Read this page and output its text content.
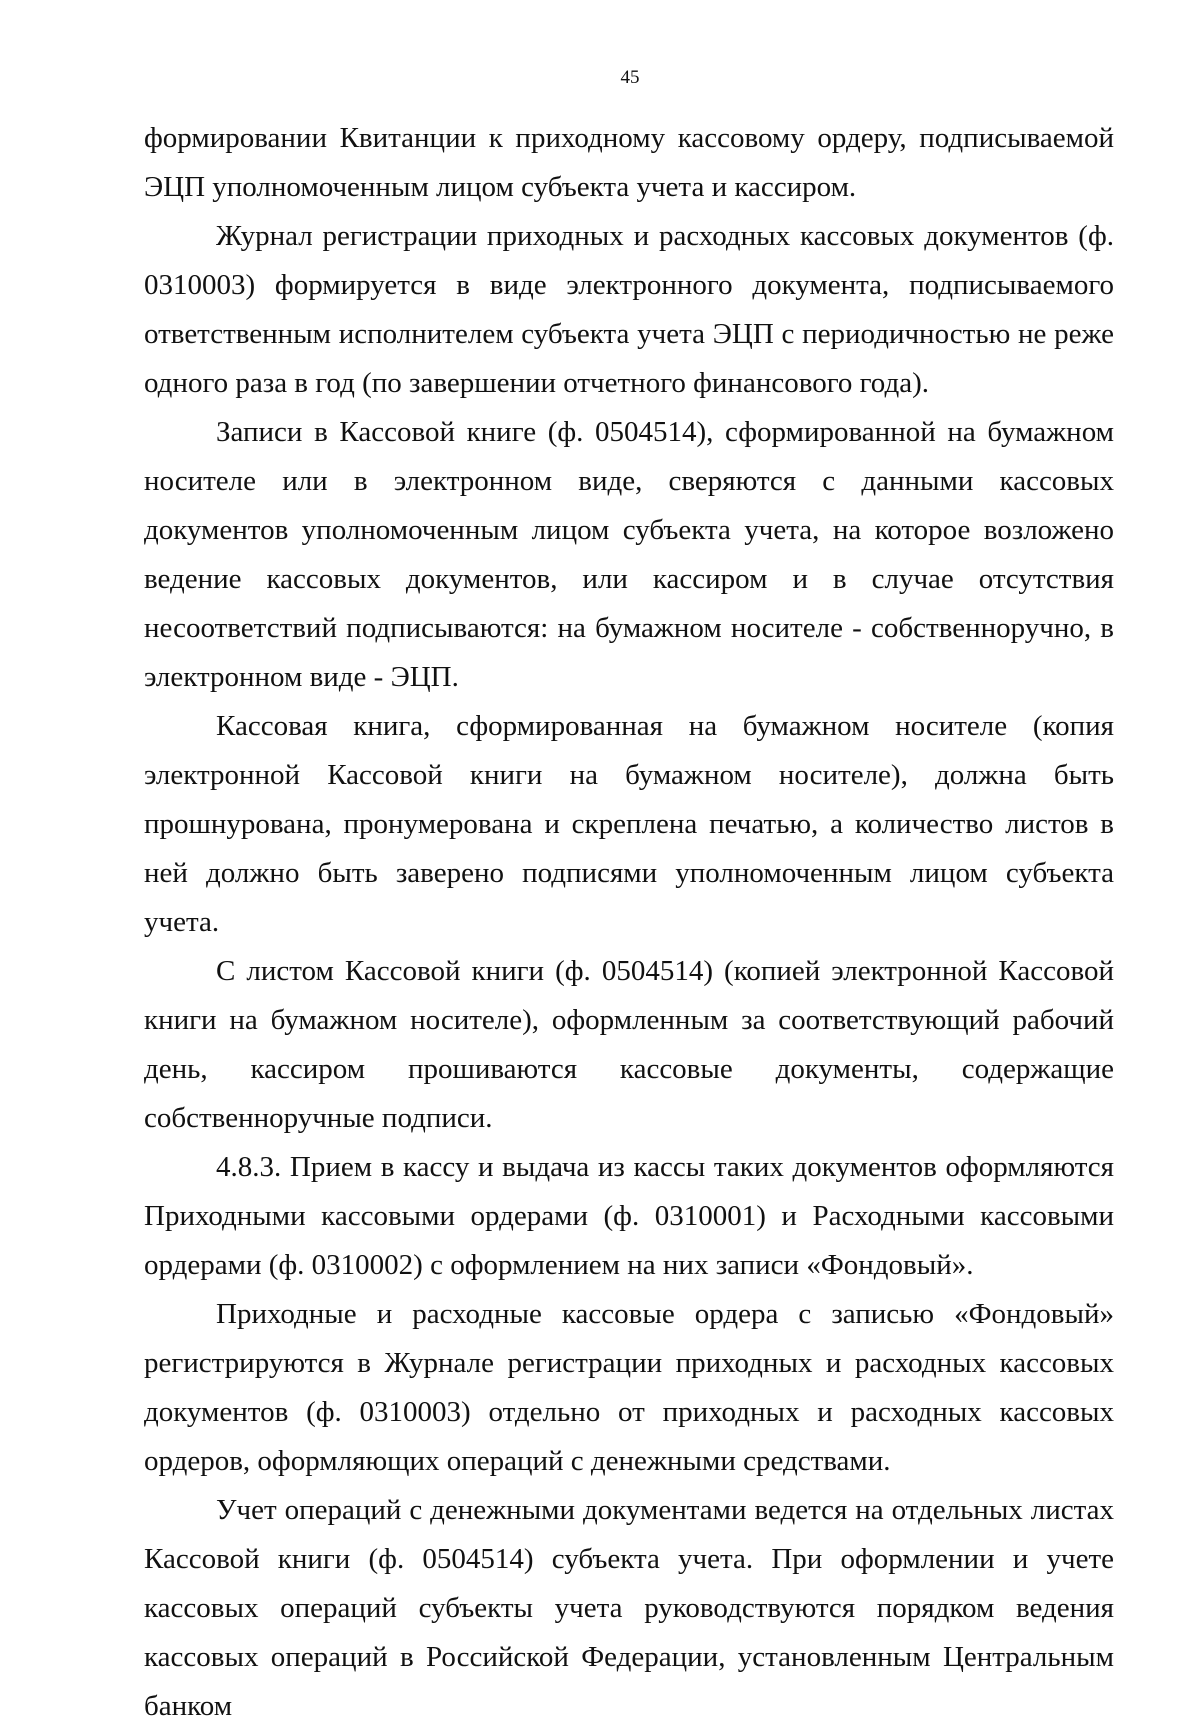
45

формировании Квитанции к приходному кассовому ордеру, подписываемой ЭЦП уполномоченным лицом субъекта учета и кассиром.

Журнал регистрации приходных и расходных кассовых документов (ф. 0310003) формируется в виде электронного документа, подписываемого ответственным исполнителем субъекта учета ЭЦП с периодичностью не реже одного раза в год (по завершении отчетного финансового года).

Записи в Кассовой книге (ф. 0504514), сформированной на бумажном носителе или в электронном виде, сверяются с данными кассовых документов уполномоченным лицом субъекта учета, на которое возложено ведение кассовых документов, или кассиром и в случае отсутствия несоответствий подписываются: на бумажном носителе - собственноручно, в электронном виде - ЭЦП.

Кассовая книга, сформированная на бумажном носителе (копия электронной Кассовой книги на бумажном носителе), должна быть прошнурована, пронумерована и скреплена печатью, а количество листов в ней должно быть заверено подписями уполномоченным лицом субъекта учета.

С листом Кассовой книги (ф. 0504514) (копией электронной Кассовой книги на бумажном носителе), оформленным за соответствующий рабочий день, кассиром прошиваются кассовые документы, содержащие собственноручные подписи.

4.8.3. Прием в кассу и выдача из кассы таких документов оформляются Приходными кассовыми ордерами (ф. 0310001) и Расходными кассовыми ордерами (ф. 0310002) с оформлением на них записи «Фондовый».

Приходные и расходные кассовые ордера с записью «Фондовый» регистрируются в Журнале регистрации приходных и расходных кассовых документов (ф. 0310003) отдельно от приходных и расходных кассовых ордеров, оформляющих операций с денежными средствами.

Учет операций с денежными документами ведется на отдельных листах Кассовой книги (ф. 0504514) субъекта учета. При оформлении и учете кассовых операций субъекты учета руководствуются порядком ведения кассовых операций в Российской Федерации, установленным Центральным банком
